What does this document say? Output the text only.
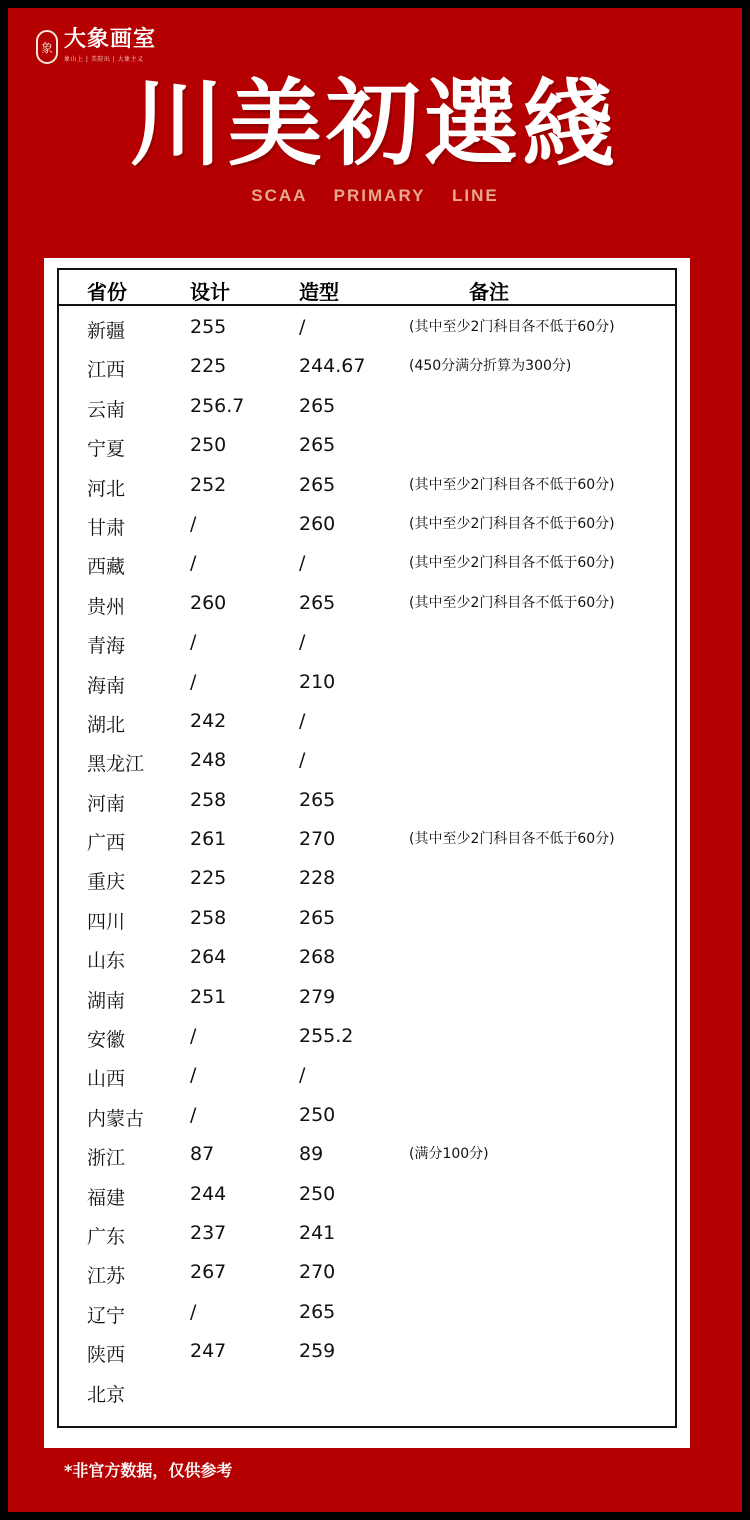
象 大象画室
象山上 | 美院出 | 大象主义
川美初選綫
SCAA    PRIMARY    LINE
省份	设计	造型	备注
新疆	255	/	(其中至少2门科目各不低于60分)
江西	225	244.67	(450分满分折算为300分)
云南	256.7	265
宁夏	250	265
河北	252	265	(其中至少2门科目各不低于60分)
甘肃	/	260	(其中至少2门科目各不低于60分)
西藏	/	/	(其中至少2门科目各不低于60分)
贵州	260	265	(其中至少2门科目各不低于60分)
青海	/	/
海南	/	210
湖北	242	/
黑龙江 248	/
河南	258	265
广西	261	270	(其中至少2门科目各不低于60分)
重庆	225	228
四川	258	265
山东	264	268
湖南	251	279
安徽	/	255.2
山西	/	/
内蒙古 /	250
浙江	87	89	(满分100分)
福建	244	250
广东	237	241
江苏	267	270
辽宁	/	265
陕西	247	259
北京
*非官方数据，仅供参考
